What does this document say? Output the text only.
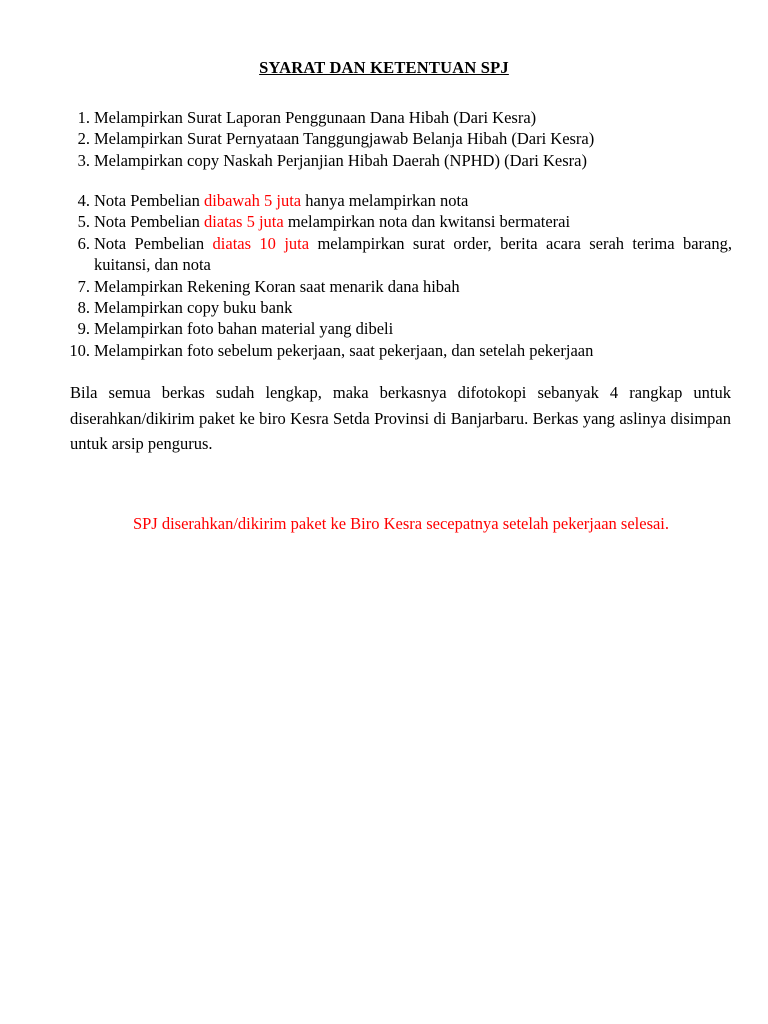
SYARAT DAN KETENTUAN SPJ
1. Melampirkan Surat Laporan Penggunaan Dana Hibah (Dari Kesra)
2. Melampirkan Surat Pernyataan Tanggungjawab Belanja Hibah (Dari Kesra)
3. Melampirkan copy Naskah Perjanjian Hibah Daerah (NPHD) (Dari Kesra)
4. Nota Pembelian dibawah 5 juta hanya melampirkan nota
5. Nota Pembelian diatas 5 juta melampirkan nota dan kwitansi bermaterai
6. Nota Pembelian diatas 10 juta melampirkan surat order, berita acara serah terima barang, kuitansi, dan nota
7. Melampirkan Rekening Koran saat menarik dana hibah
8. Melampirkan copy buku bank
9. Melampirkan foto bahan material yang dibeli
10. Melampirkan foto sebelum pekerjaan, saat pekerjaan, dan setelah pekerjaan

Bila semua berkas sudah lengkap, maka berkasnya difotokopi sebanyak 4 rangkap untuk diserahkan/dikirim paket ke biro Kesra Setda Provinsi di Banjarbaru. Berkas yang aslinya disimpan untuk arsip pengurus.

SPJ diserahkan/dikirim paket ke Biro Kesra secepatnya setelah pekerjaan selesai.
